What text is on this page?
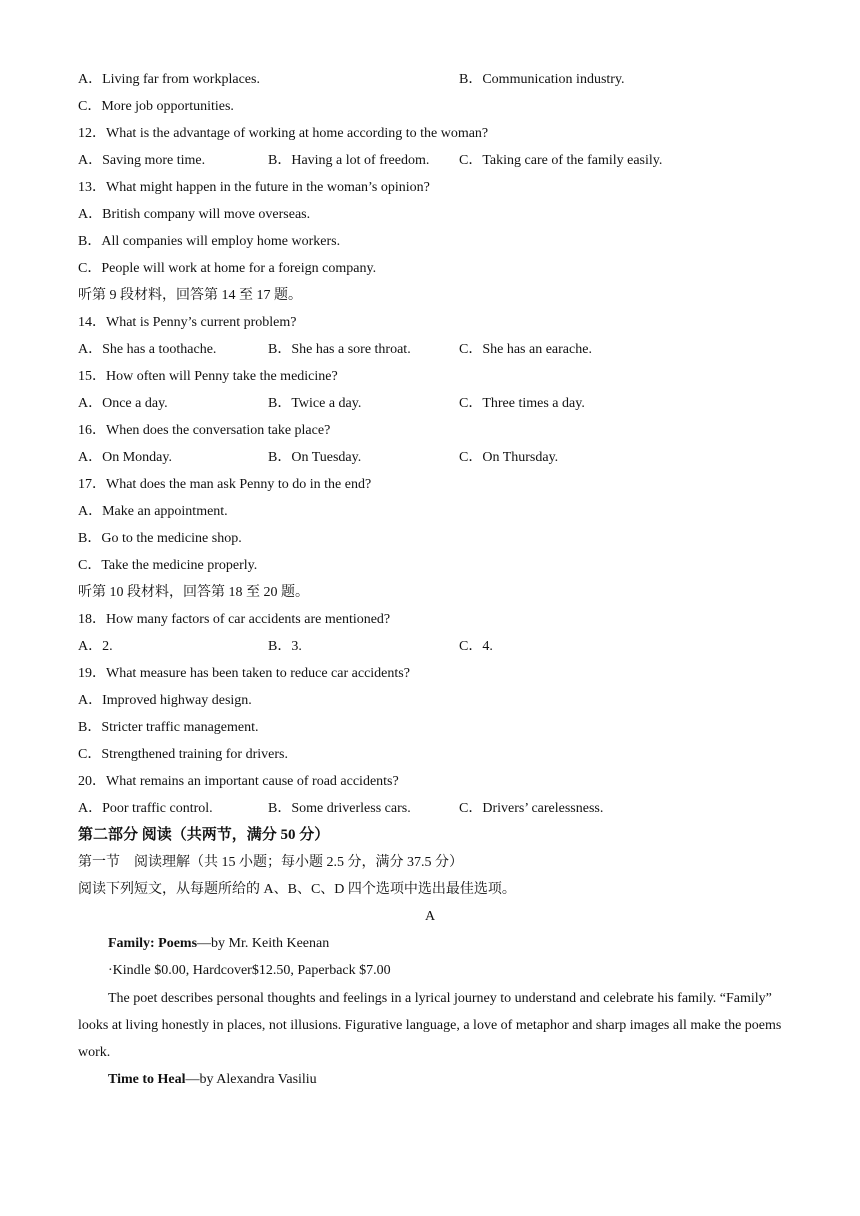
A．Living far from workplaces.	B．Communication industry.
C．More job opportunities.
12．What is the advantage of working at home according to the woman?
A．Saving more time.	B．Having a lot of freedom. C．Taking care of the family easily.
13．What might happen in the future in the woman’s opinion?
A．British company will move overseas.
B．All companies will employ home workers.
C．People will work at home for a foreign company.
听第 9 段材料，回答第 14 至 17 题。
14．What is Penny’s current problem?
A．She has a toothache.	B．She has a sore throat.	C．She has an earache.
15．How often will Penny take the medicine?
A．Once a day.	B．Twice a day.	C．Three times a day.
16．When does the conversation take place?
A．On Monday.	B．On Tuesday.	C．On Thursday.
17．What does the man ask Penny to do in the end?
A．Make an appointment.
B．Go to the medicine shop.
C．Take the medicine properly.
听第 10 段材料，回答第 18 至 20 题。
18．How many factors of car accidents are mentioned?
A．2.	B．3.	C．4.
19．What measure has been taken to reduce car accidents?
A．Improved highway design.
B．Stricter traffic management.
C．Strengthened training for drivers.
20．What remains an important cause of road accidents?
A．Poor traffic control.	B．Some driverless cars.	C．Drivers’ carelessness.
第二部分 阅读（共两节，满分 50 分）
第一节　阅读理解（共 15 小题；每小题 2.5 分，满分 37.5 分）
阅读下列短文，从每题所给的 A、B、C、D 四个选项中选出最佳选项。
A
Family: Poems—by Mr. Keith Keenan
·Kindle $0.00, Hardcover$12.50, Paperback $7.00
The poet describes personal thoughts and feelings in a lyrical journey to understand and celebrate his family. “Family” looks at living honestly in places, not illusions. Figurative language, a love of metaphor and sharp images all make the poems work.
Time to Heal—by Alexandra Vasiliu
